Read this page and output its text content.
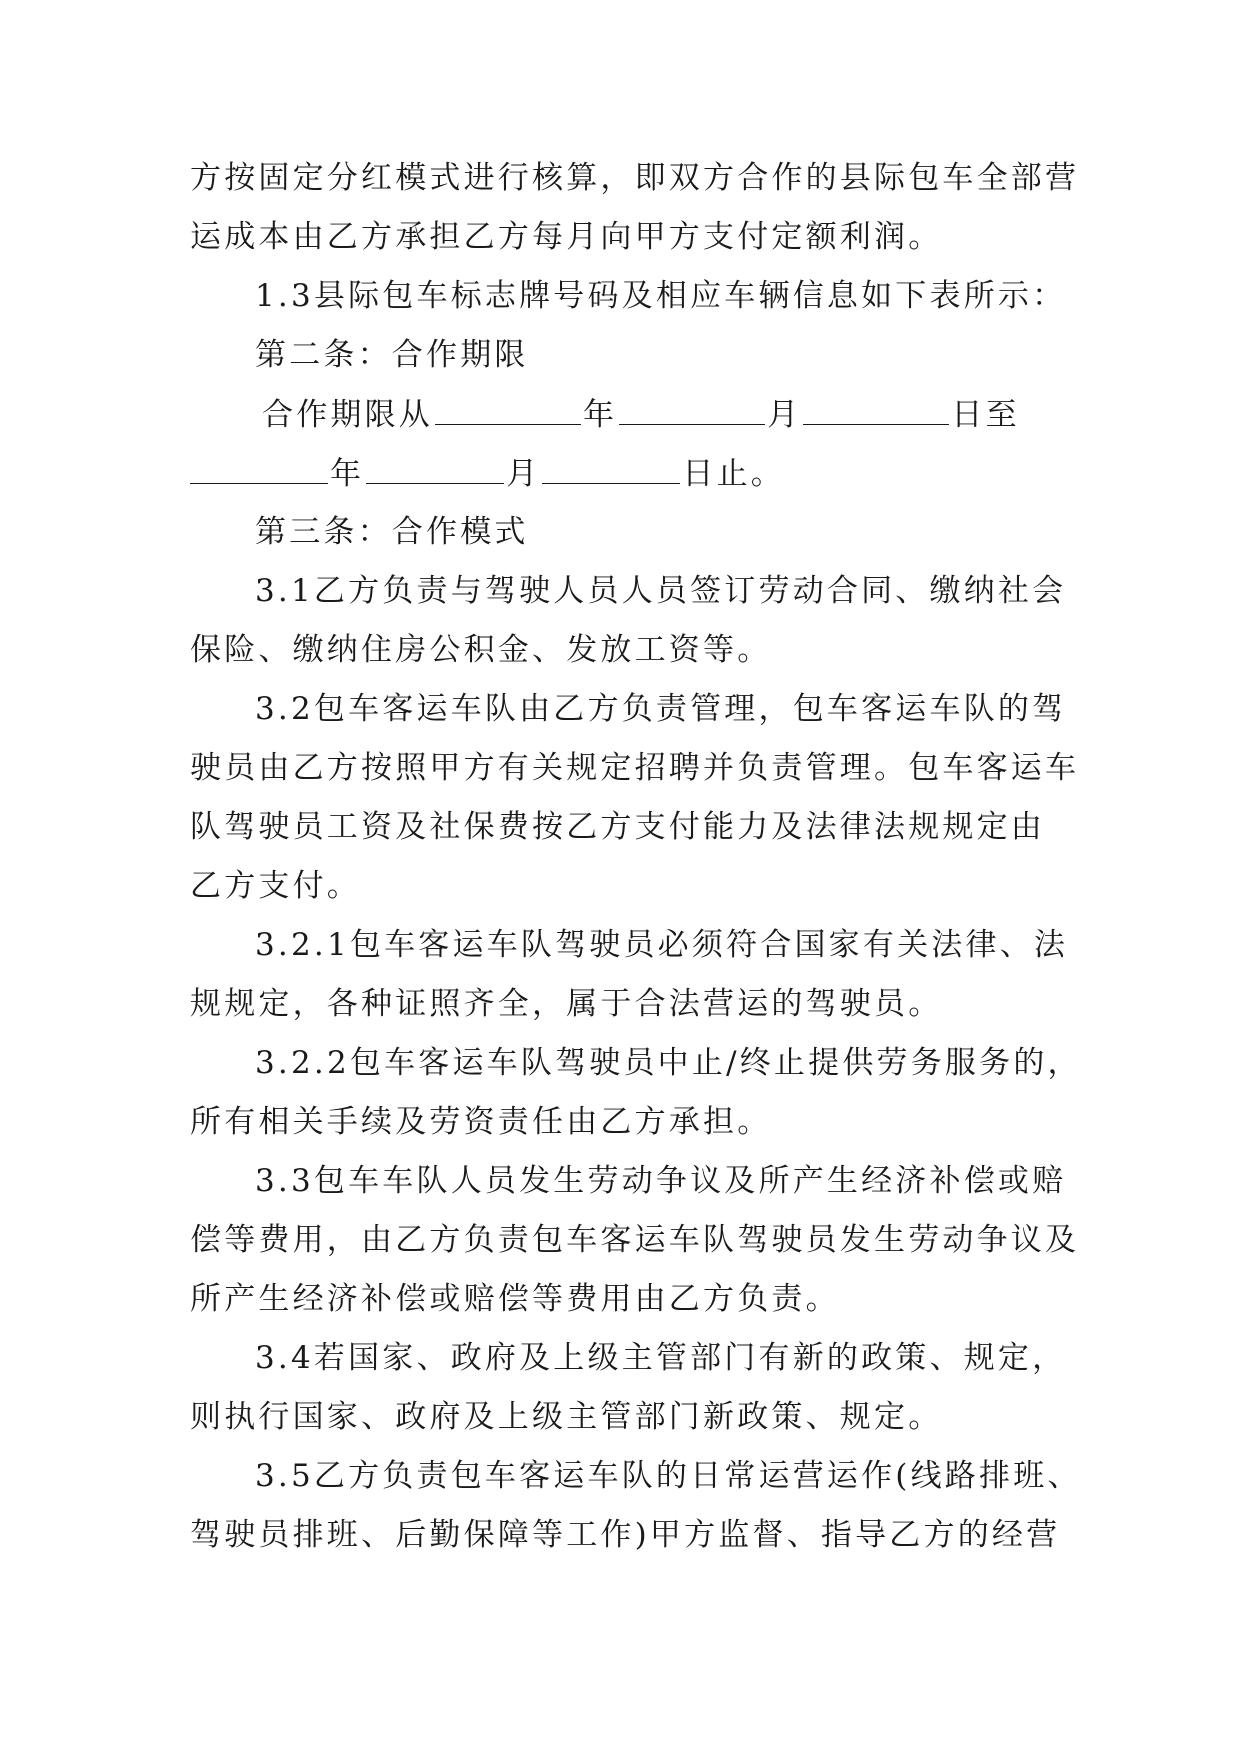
方按固定分红模式进行核算，即双方合作的县际包车全部营
运成本由乙方承担乙方每月向甲方支付定额利润。
1.3县际包车标志牌号码及相应车辆信息如下表所示：
第二条：合作期限
合作期限从	年	月	日至
年	月	日止。
第三条：合作模式
3.1乙方负责与驾驶人员人员签订劳动合同、缴纳社会
保险、缴纳住房公积金、发放工资等。
3.2包车客运车队由乙方负责管理，包车客运车队的驾
驶员由乙方按照甲方有关规定招聘并负责管理。包车客运车
队驾驶员工资及社保费按乙方支付能力及法律法规规定由
乙方支付。
3.2.1包车客运车队驾驶员必须符合国家有关法律、法
规规定，各种证照齐全，属于合法营运的驾驶员。
3.2.2包车客运车队驾驶员中止/终止提供劳务服务的，
所有相关手续及劳资责任由乙方承担。
3.3包车车队人员发生劳动争议及所产生经济补偿或赔
偿等费用，由乙方负责包车客运车队驾驶员发生劳动争议及
所产生经济补偿或赔偿等费用由乙方负责。
3.4若国家、政府及上级主管部门有新的政策、规定，
则执行国家、政府及上级主管部门新政策、规定。
3.5乙方负责包车客运车队的日常运营运作(线路排班、
驾驶员排班、后勤保障等工作)甲方监督、指导乙方的经营
